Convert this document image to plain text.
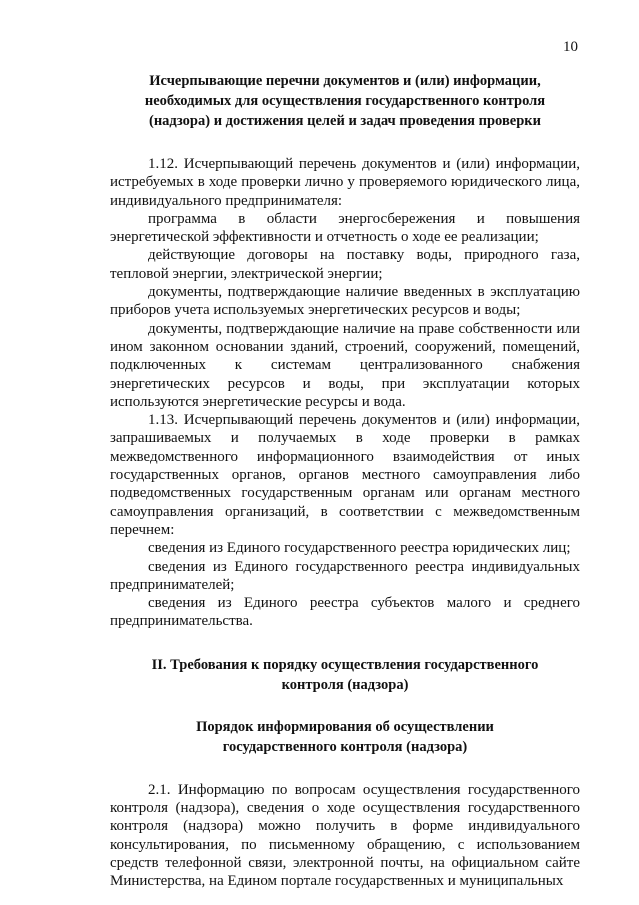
10
Исчерпывающие перечни документов и (или) информации,
необходимых для осуществления государственного контроля
(надзора) и достижения целей и задач проведения проверки

1.12. Исчерпывающий перечень документов и (или) информации, истребуемых в ходе проверки лично у проверяемого юридического лица, индивидуального предпринимателя:

программа в области энергосбережения и повышения энергетической эффективности и отчетность о ходе ее реализации;

действующие договоры на поставку воды, природного газа, тепловой энергии, электрической энергии;

документы, подтверждающие наличие введенных в эксплуатацию приборов учета используемых энергетических ресурсов и воды;

документы, подтверждающие наличие на праве собственности или ином законном основании зданий, строений, сооружений, помещений, подключенных к системам централизованного снабжения энергетических ресурсов и воды, при эксплуатации которых используются энергетические ресурсы и вода.

1.13. Исчерпывающий перечень документов и (или) информации, запрашиваемых и получаемых в ходе проверки в рамках межведомственного информационного взаимодействия от иных государственных органов, органов местного самоуправления либо подведомственных государственным органам или органам местного самоуправления организаций, в соответствии с межведомственным перечнем:

сведения из Единого государственного реестра юридических лиц;

сведения из Единого государственного реестра индивидуальных предпринимателей;

сведения из Единого реестра субъектов малого и среднего предпринимательства.

II. Требования к порядку осуществления государственного
контроля (надзора)
Порядок информирования об осуществлении
государственного контроля (надзора)

2.1. Информацию по вопросам осуществления государственного контроля (надзора), сведения о ходе осуществления государственного контроля (надзора) можно получить в форме индивидуального консультирования, по письменному обращению, с использованием средств телефонной связи, электронной почты, на официальном сайте Министерства, на Едином портале государственных и муниципальных
